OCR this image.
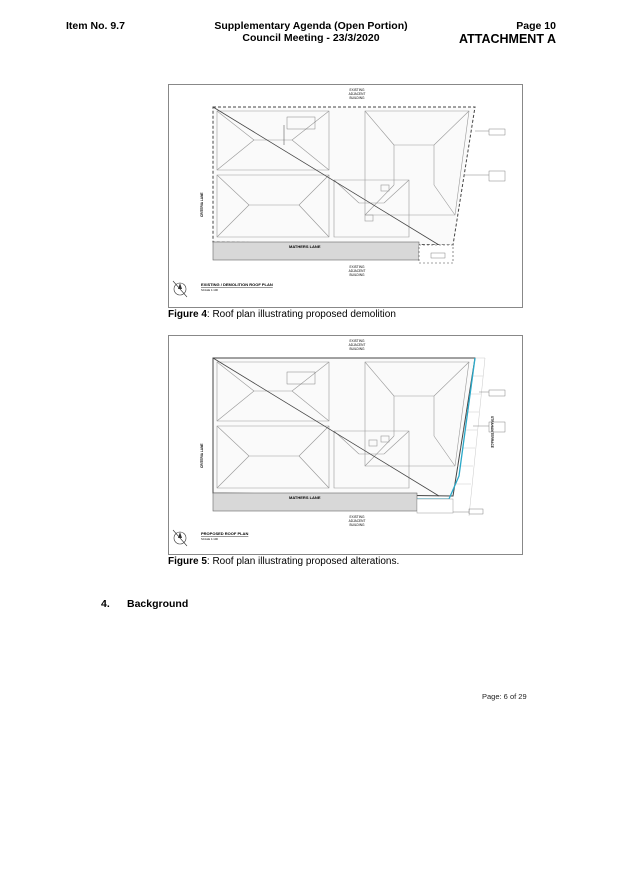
Item No. 9.7	Supplementary Agenda (Open Portion)
Council Meeting - 23/3/2020
Page 10
ATTACHMENT A
MATHERS LANE
EXISTING
ADJACENT
BUILDING
EXISTING
ADJACENT
BUILDING
CRITERIA LANE
EXISTING / DEMOLITION ROOF PLAN
SCALE 1:100
Figure 4: Roof plan illustrating proposed demolition
MATHERS LANE
EXISTING
ADJACENT
BUILDING
EXISTING
ADJACENT
BUILDING
CRITERIA LANE
STRAHAN TERRACE
PROPOSED ROOF PLAN
SCALE 1:100
Figure 5: Roof plan illustrating proposed alterations.
4. Background
Page: 6 of 29
